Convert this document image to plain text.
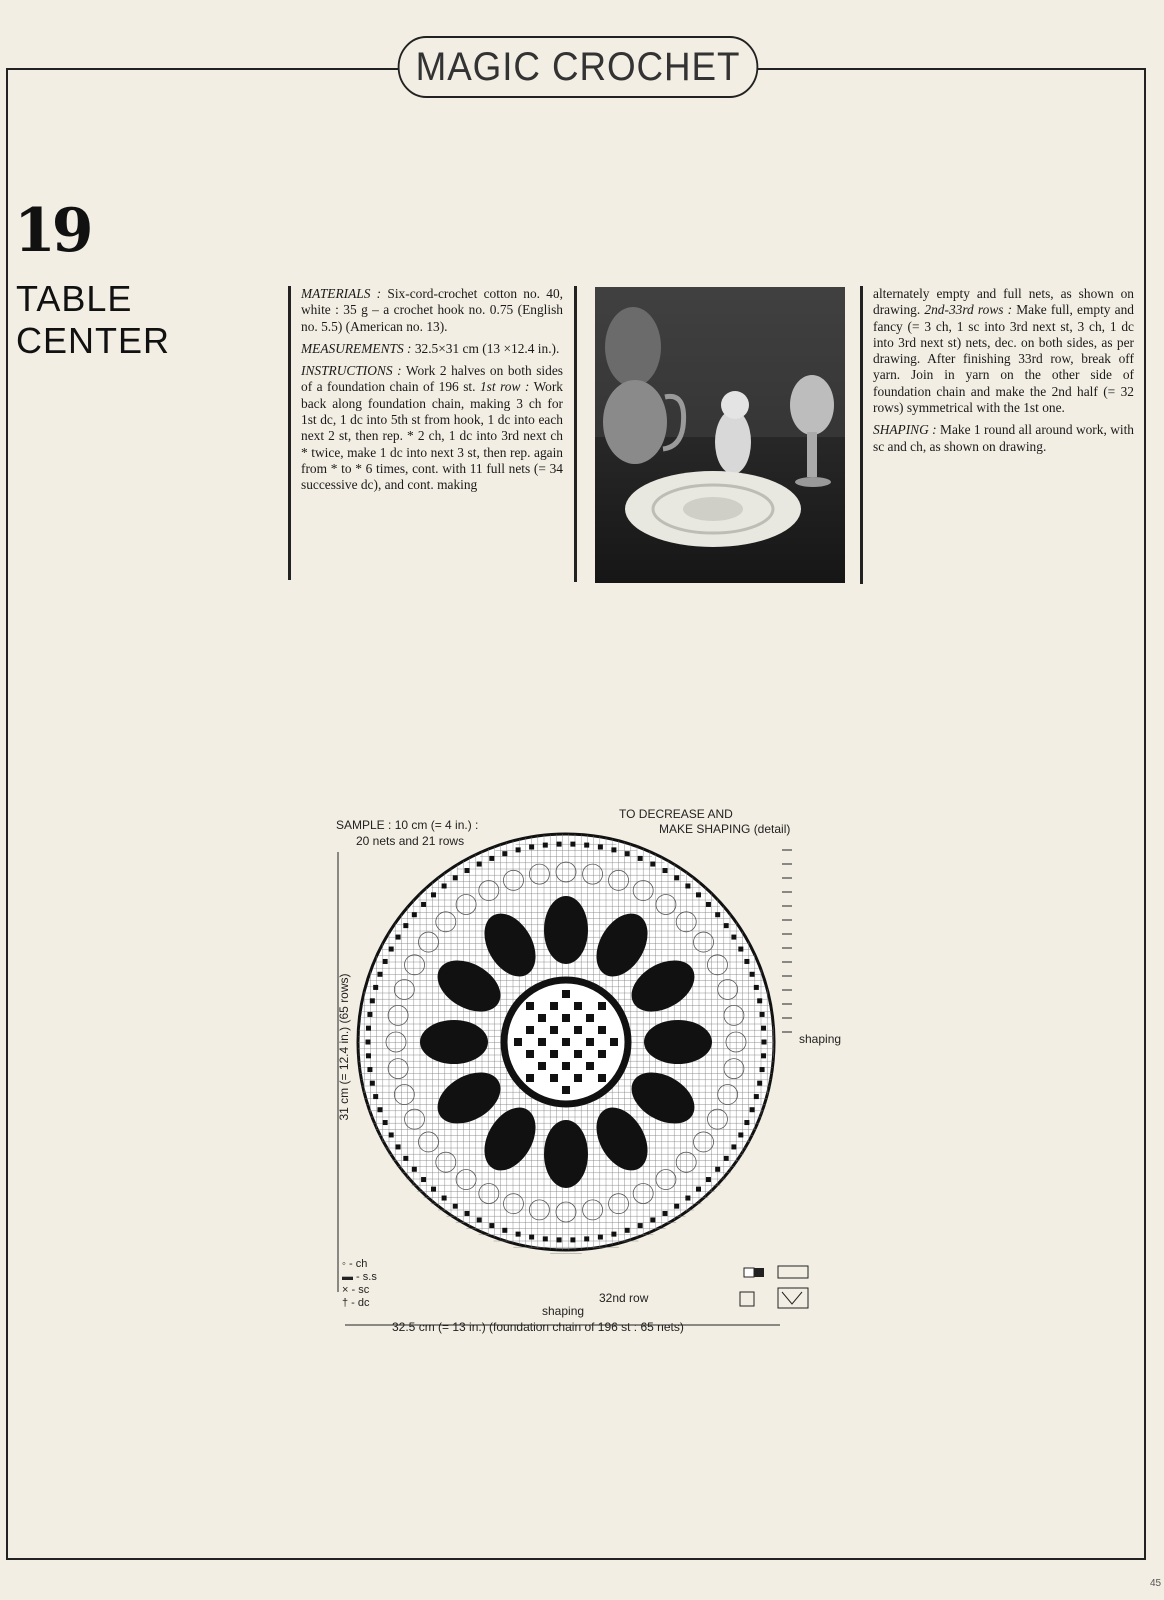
MAGIC CROCHET
19
TABLE
CENTER

MATERIALS : Six-cord-crochet cotton no. 40, white : 35 g – a crochet hook no. 0.75 (English no. 5.5) (American no. 13).

MEASUREMENTS : 32.5×31 cm (13 ×12.4 in.).

INSTRUCTIONS : Work 2 halves on both sides of a foundation chain of 196 st. 1st row : Work back along foundation chain, making 3 ch for 1st dc, 1 dc into 5th st from hook, 1 dc into each next 2 st, then rep. * 2 ch, 1 dc into 3rd next ch * twice, make 1 dc into next 3 st, then rep. again from * to * 6 times, cont. with 11 full nets (= 34 successive dc), and cont. making

alternately empty and full nets, as shown on drawing. 2nd-33rd rows : Make full, empty and fancy (= 3 ch, 1 sc into 3rd next st, 3 ch, 1 dc into 3rd next st) nets, dec. on both sides, as per drawing. After finishing 33rd row, break off yarn. Join in yarn on the other side of foundation chain and make the 2nd half (= 32 rows) symmetrical with the 1st one.

SHAPING : Make 1 round all around work, with sc and ch, as shown on drawing.

SAMPLE : 10 cm (= 4 in.) :
20 nets and 21 rows
TO DECREASE AND
MAKE SHAPING (detail)
32nd row
shaping
shaping
31 cm (= 12.4 in.) (65 rows)
32.5 cm (= 13 in.) (foundation chain of 196 st : 65 nets)
◦ - ch
▬ - s.s
× - sc
† - dc
45
